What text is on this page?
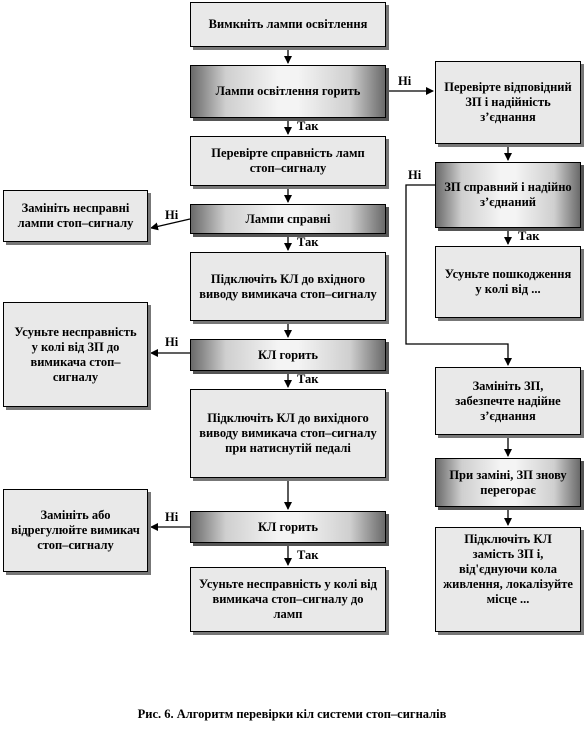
Вимкніть лампи освітлення
Лампи освітлення горить
Перевірте справність ламп стоп–сигналу
Лампи справні
Підключіть КЛ до вхідного виводу вимикача стоп–сигналу
КЛ горить
Підключіть КЛ до вихідного виводу вимикача стоп–сигналу при натиснутій педалі
КЛ горить
Усуньте несправність у колі від вимикача стоп–сигналу до ламп
Замініть несправні лампи стоп–сигналу
Усуньте несправність у колі від ЗП до вимикача стоп–сигналу
Замініть або відрегулюйте вимикач стоп–сигналу
Перевірте відповідний ЗП і надійність з’єднання
ЗП справний і надійно з’єднаний
Усуньте пошкодження у колі від ...
Замініть ЗП, забезпечте надійне з’єднання
При заміні, ЗП знову перегорає
Підключіть КЛ замість ЗП і, від'єднуючи кола живлення, локалізуйте місце ...
Так
Так
Так
Так
Так
Ні
Ні
Ні
Ні
Ні
Рис. 6. Алгоритм перевірки кіл системи стоп–сигналів
